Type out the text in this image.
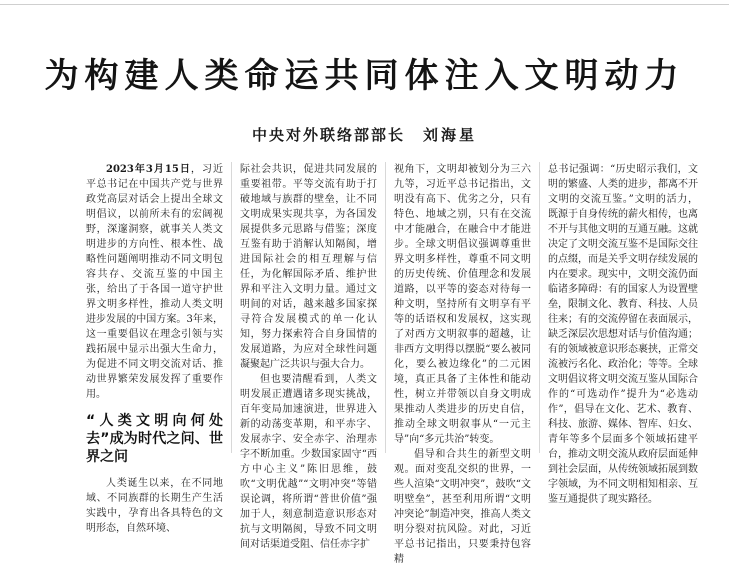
为构建人类命运共同体注入文明动力
中央对外联络部部长 刘海星

2023年3月15日，习近平总书记在中国共产党与世界政党高层对话会上提出全球文明倡议，以前所未有的宏阔视野，深邃洞察，就事关人类文明进步的方向性、根本性、战略性问题阐明推动不同文明包容共存、交流互鉴的中国主张，给出了于各国一道守护世界文明多样性，推动人类文明进步发展的中国方案。3年来，这一重要倡议在理念引领与实践拓展中显示出强大生命力，为促进不同文明交流对话、推动世界繁荣发展发挥了重要作用。

“人类文明向何处去”成为时代之问、世界之问

人类诞生以来，在不同地域、不同族群的长期生产生活实践中，孕育出各具特色的文明形态，自然环境、

际社会共识，促进共同发展的重要祖带。平等交流有助于打破地域与族群的壁垒，让不同文明成果实现共享，为各国发展提供多元思路与借鉴；深度互鉴有助于消解认知隔阂，增进国际社会的相互理解与信任，为化解国际矛盾、维护世界和平注入文明力量。通过文明间的对话，越来越多国家探寻符合发展模式的单一化认知，努力探索符合自身国情的发展道路，为应对全球性问题凝聚起广泛共识与强大合力。

但也要清醒看到，人类文明发展正遭遇诸多现实挑战，百年变局加速演进，世界进入新的动荡变革期，和平赤字、发展赤字、安全赤字、治理赤字不断加重。少数国家固守“西方中心主义”陈旧思维，鼓吹“文明优越”“文明冲突”等错误论调，将所谓“普世价值”强加于人，刻意制造意识形态对抗与文明隔阂，导致不同文明间对话渠道受阻、信任赤字扩

视角下，文明却被划分为三六九等，习近平总书记指出，文明没有高下、优劣之分，只有特色、地域之别，只有在交流中才能融合，在融合中才能进步。全球文明倡议强调尊重世界文明多样性，尊重不同文明的历史传统、价值理念和发展道路，以平等的姿态对待每一种文明，坚持所有文明享有平等的话语权和发展权，这实现了对西方文明叙事的超越，让非西方文明得以摆脱“要么被同化，要么被边缘化”的二元困境，真正具备了主体性和能动性，树立并带领以自身文明成果推动人类进步的历史自信，推动全球文明叙事从“一元主导”向“多元共治”转变。

倡导和合共生的新型文明观。面对变乱交织的世界，一些人渲染“文明冲突”，鼓吹“文明壁垒”，甚至利用所谓“文明冲突论”制造冲突，推高人类文明分裂对抗风险。对此，习近平总书记指出，只要秉持包容精

总书记强调：“历史昭示我们，文明的繁盛、人类的进步，都离不开文明的交流互鉴。”文明的活力，既源于自身传统的薪火相传，也离不开与其他文明的互通互融。这就决定了文明交流互鉴不是国际交往的点缀，而是关乎文明存续发展的内在要求。现实中，文明交流仍面临诸多障碍：有的国家人为设置壁垒，限制文化、教育、科技、人员往来；有的交流停留在表面展示，缺乏深层次思想对话与价值沟通；有的领域被意识形态裹挟，正常交流被污名化、政治化；等等。全球文明倡议将文明交流互鉴从国际合作的“可选动作”提升为“必选动作”，倡导在文化、艺术、教育、科技、旅游、媒体、智库、妇女、青年等多个层面多个领域拓建平台，推动文明交流从政府层面延伸到社会层面，从传统领域拓展到数字领域，为不同文明相知相亲、互鉴互通提供了现实路径。
